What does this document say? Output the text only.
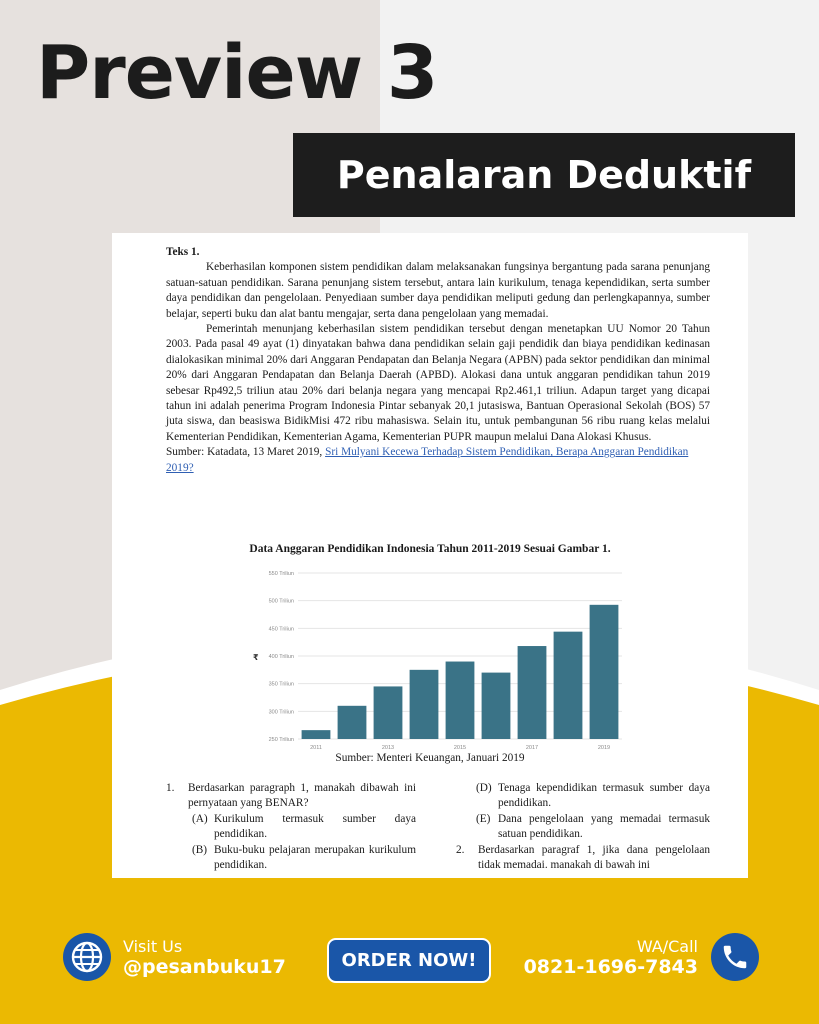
Preview 3
Penalaran Deduktif

Teks 1.

Keberhasilan komponen sistem pendidikan dalam melaksanakan fungsinya bergantung pada sarana penunjang satuan-satuan pendidikan. Sarana penunjang sistem tersebut, antara lain kurikulum, tenaga kependidikan, serta sumber daya pendidikan dan pengelolaan. Penyediaan sumber daya pendidikan meliputi gedung dan perlengkapannya, sumber belajar, seperti buku dan alat bantu mengajar, serta dana pengelolaan yang memadai.

Pemerintah menunjang keberhasilan sistem pendidikan tersebut dengan menetapkan UU Nomor 20 Tahun 2003. Pada pasal 49 ayat (1) dinyatakan bahwa dana pendidikan selain gaji pendidik dan biaya pendidikan kedinasan dialokasikan minimal 20% dari Anggaran Pendapatan dan Belanja Negara (APBN) pada sektor pendidikan dan minimal 20% dari Anggaran Pendapatan dan Belanja Daerah (APBD). Alokasi dana untuk anggaran pendidikan tahun 2019 sebesar Rp492,5 triliun atau 20% dari belanja negara yang mencapai Rp2.461,1 triliun. Adapun target yang dicapai tahun ini adalah penerima Program Indonesia Pintar sebanyak 20,1 jutasiswa, Bantuan Operasional Sekolah (BOS) 57 juta siswa, dan beasiswa BidikMisi 472 ribu mahasiswa. Selain itu, untuk pembangunan 56 ribu ruang kelas melalui Kementerian Pendidikan, Kementerian Agama, Kementerian PUPR maupun melalui Dana Alokasi Khusus.

Sumber: Katadata, 13 Maret 2019, Sri Mulyani Kecewa Terhadap Sistem Pendidikan, Berapa Anggaran Pendidikan 2019?

Data Anggaran Pendidikan Indonesia Tahun 2011-2019 Sesuai Gambar 1.
250 Triliun
300 Triliun
350 Triliun
400 Triliun
450 Triliun
500 Triliun
550 Triliun
₹
2011	2013	2015	2017	2019
Sumber: Menteri Keuangan, Januari 2019
1.	Berdasarkan paragraph 1, manakah dibawah ini pernyataan yang BENAR?
(A) Kurikulum termasuk sumber daya pendidikan.
(B) Buku-buku pelajaran merupakan kurikulum pendidikan.
(D) Tenaga kependidikan termasuk sumber daya pendidikan.
(E) Dana pengelolaan yang memadai termasuk satuan pendidikan.
2.	Berdasarkan paragraf 1, jika dana pengelolaan tidak memadai. manakah di bawah ini
Visit Us
@pesanbuku17	ORDER NOW!
WA/Call
0821-1696-7843
